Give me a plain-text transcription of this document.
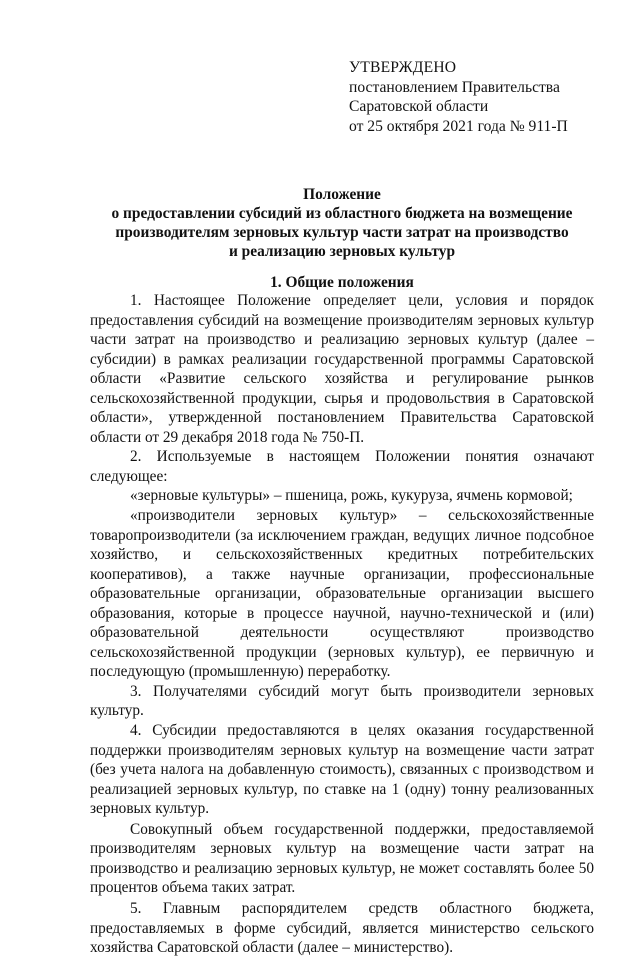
УТВЕРЖДЕНО
постановлением Правительства
Саратовской области
от 25 октября 2021 года № 911-П
Положение
о предоставлении субсидий из областного бюджета на возмещение
производителям зерновых культур части затрат на производство
и реализацию зерновых культур
1. Общие положения

1. Настоящее Положение определяет цели, условия и порядок предоставления субсидий на возмещение производителям зерновых культур части затрат на производство и реализацию зерновых культур (далее – субсидии) в рамках реализации государственной программы Саратовской области «Развитие сельского хозяйства и регулирование рынков сельскохозяйственной продукции, сырья и продовольствия в Саратовской области», утвержденной постановлением Правительства Саратовской области от 29 декабря 2018 года № 750-П.

2. Используемые в настоящем Положении понятия означают следующее:

«зерновые культуры» – пшеница, рожь, кукуруза, ячмень кормовой;

«производители зерновых культур» – сельскохозяйственные товаропроизводители (за исключением граждан, ведущих личное подсобное хозяйство, и сельскохозяйственных кредитных потребительских кооперативов), а также научные организации, профессиональные образовательные организации, образовательные организации высшего образования, которые в процессе научной, научно-технической и (или) образовательной деятельности осуществляют производство сельскохозяйственной продукции (зерновых культур), ее первичную и последующую (промышленную) переработку.

3. Получателями субсидий могут быть производители зерновых культур.

4. Субсидии предоставляются в целях оказания государственной поддержки производителям зерновых культур на возмещение части затрат (без учета налога на добавленную стоимость), связанных с производством и реализацией зерновых культур, по ставке на 1 (одну) тонну реализованных зерновых культур.

Совокупный объем государственной поддержки, предоставляемой производителям зерновых культур на возмещение части затрат на производство и реализацию зерновых культур, не может составлять более 50 процентов объема таких затрат.

5. Главным распорядителем средств областного бюджета, предоставляемых в форме субсидий, является министерство сельского хозяйства Саратовской области (далее – министерство).
